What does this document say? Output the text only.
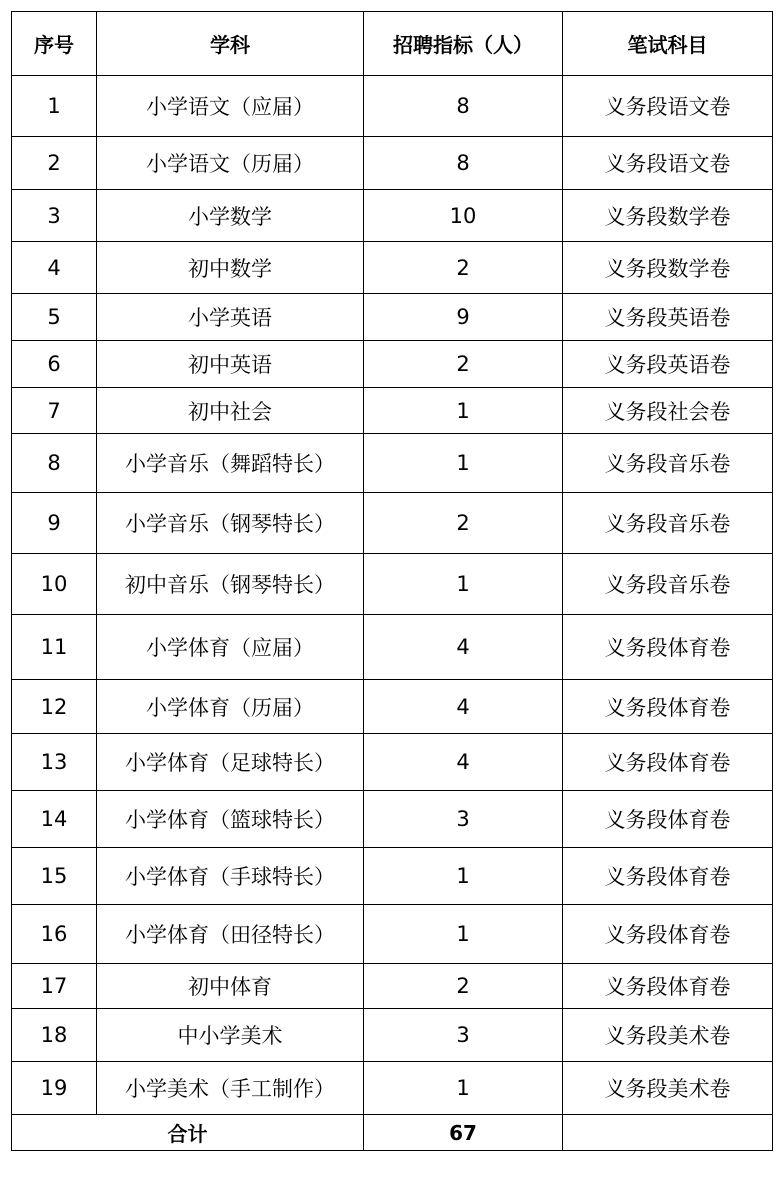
序号	学科	招聘指标（人）	笔试科目
1	小学语文（应届）	8	义务段语文卷
2	小学语文（历届）	8	义务段语文卷
3	小学数学	10	义务段数学卷
4	初中数学	2	义务段数学卷
5	小学英语	9	义务段英语卷
6	初中英语	2	义务段英语卷
7	初中社会	1	义务段社会卷
8	小学音乐（舞蹈特长）	1	义务段音乐卷
9	小学音乐（钢琴特长）	2	义务段音乐卷
10	初中音乐（钢琴特长）	1	义务段音乐卷
11	小学体育（应届）	4	义务段体育卷
12	小学体育（历届）	4	义务段体育卷
13	小学体育（足球特长）	4	义务段体育卷
14	小学体育（篮球特长）	3	义务段体育卷
15	小学体育（手球特长）	1	义务段体育卷
16	小学体育（田径特长）	1	义务段体育卷
17	初中体育	2	义务段体育卷
18	中小学美术	3	义务段美术卷
19	小学美术（手工制作）	1	义务段美术卷
合计		67	
